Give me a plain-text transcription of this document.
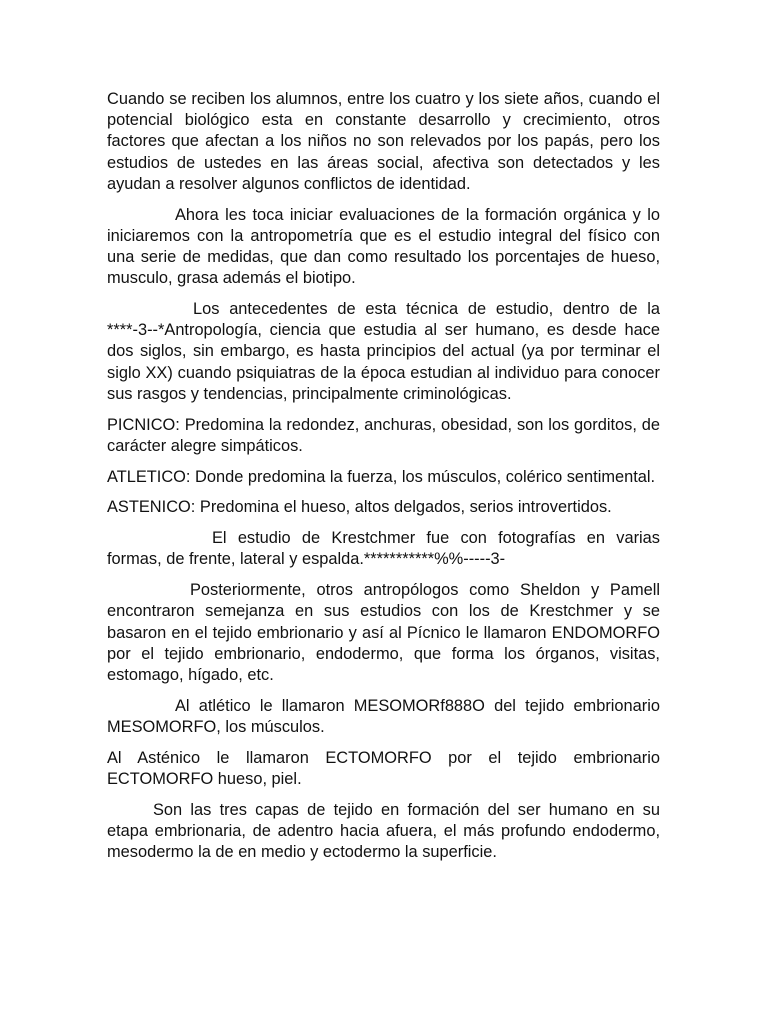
Cuando se reciben los alumnos, entre los cuatro y los siete años, cuando el potencial biológico esta en constante desarrollo y crecimiento, otros factores que afectan a los niños no son relevados por los papás, pero los estudios de ustedes en las áreas social, afectiva son detectados y les ayudan a resolver algunos conflictos de identidad.

Ahora les toca iniciar evaluaciones de la formación orgánica y lo iniciaremos con la antropometría que es el estudio integral del físico con una serie de medidas, que dan como resultado los porcentajes de hueso, musculo, grasa además el biotipo.

Los antecedentes de esta técnica de estudio, dentro de la ****-3--*Antropología, ciencia que estudia al ser humano, es desde hace dos siglos, sin embargo, es hasta principios del actual (ya por terminar el siglo XX) cuando psiquiatras de la época estudian al individuo para conocer sus rasgos y tendencias, principalmente criminológicas.

PICNICO: Predomina la redondez, anchuras, obesidad, son los gorditos, de carácter alegre simpáticos.

ATLETICO: Donde predomina la fuerza, los músculos, colérico sentimental.

ASTENICO: Predomina el hueso, altos delgados, serios introvertidos.

El estudio de Krestchmer fue con fotografías en varias formas, de frente, lateral y espalda.***********%%-----3-

Posteriormente, otros antropólogos como Sheldon y Pamell encontraron semejanza en sus estudios con los de Krestchmer y se basaron en el tejido embrionario y así al Pícnico le llamaron ENDOMORFO por el tejido embrionario, endodermo, que forma los órganos, visitas, estomago, hígado, etc.

Al atlético le llamaron MESOMORf888O del tejido embrionario MESOMORFO, los músculos.

Al Asténico le llamaron ECTOMORFO por el tejido embrionario ECTOMORFO hueso, piel.

Son las tres capas de tejido en formación del ser humano en su etapa embrionaria, de adentro hacia afuera, el más profundo endodermo, mesodermo la de en medio y ectodermo la superficie.
